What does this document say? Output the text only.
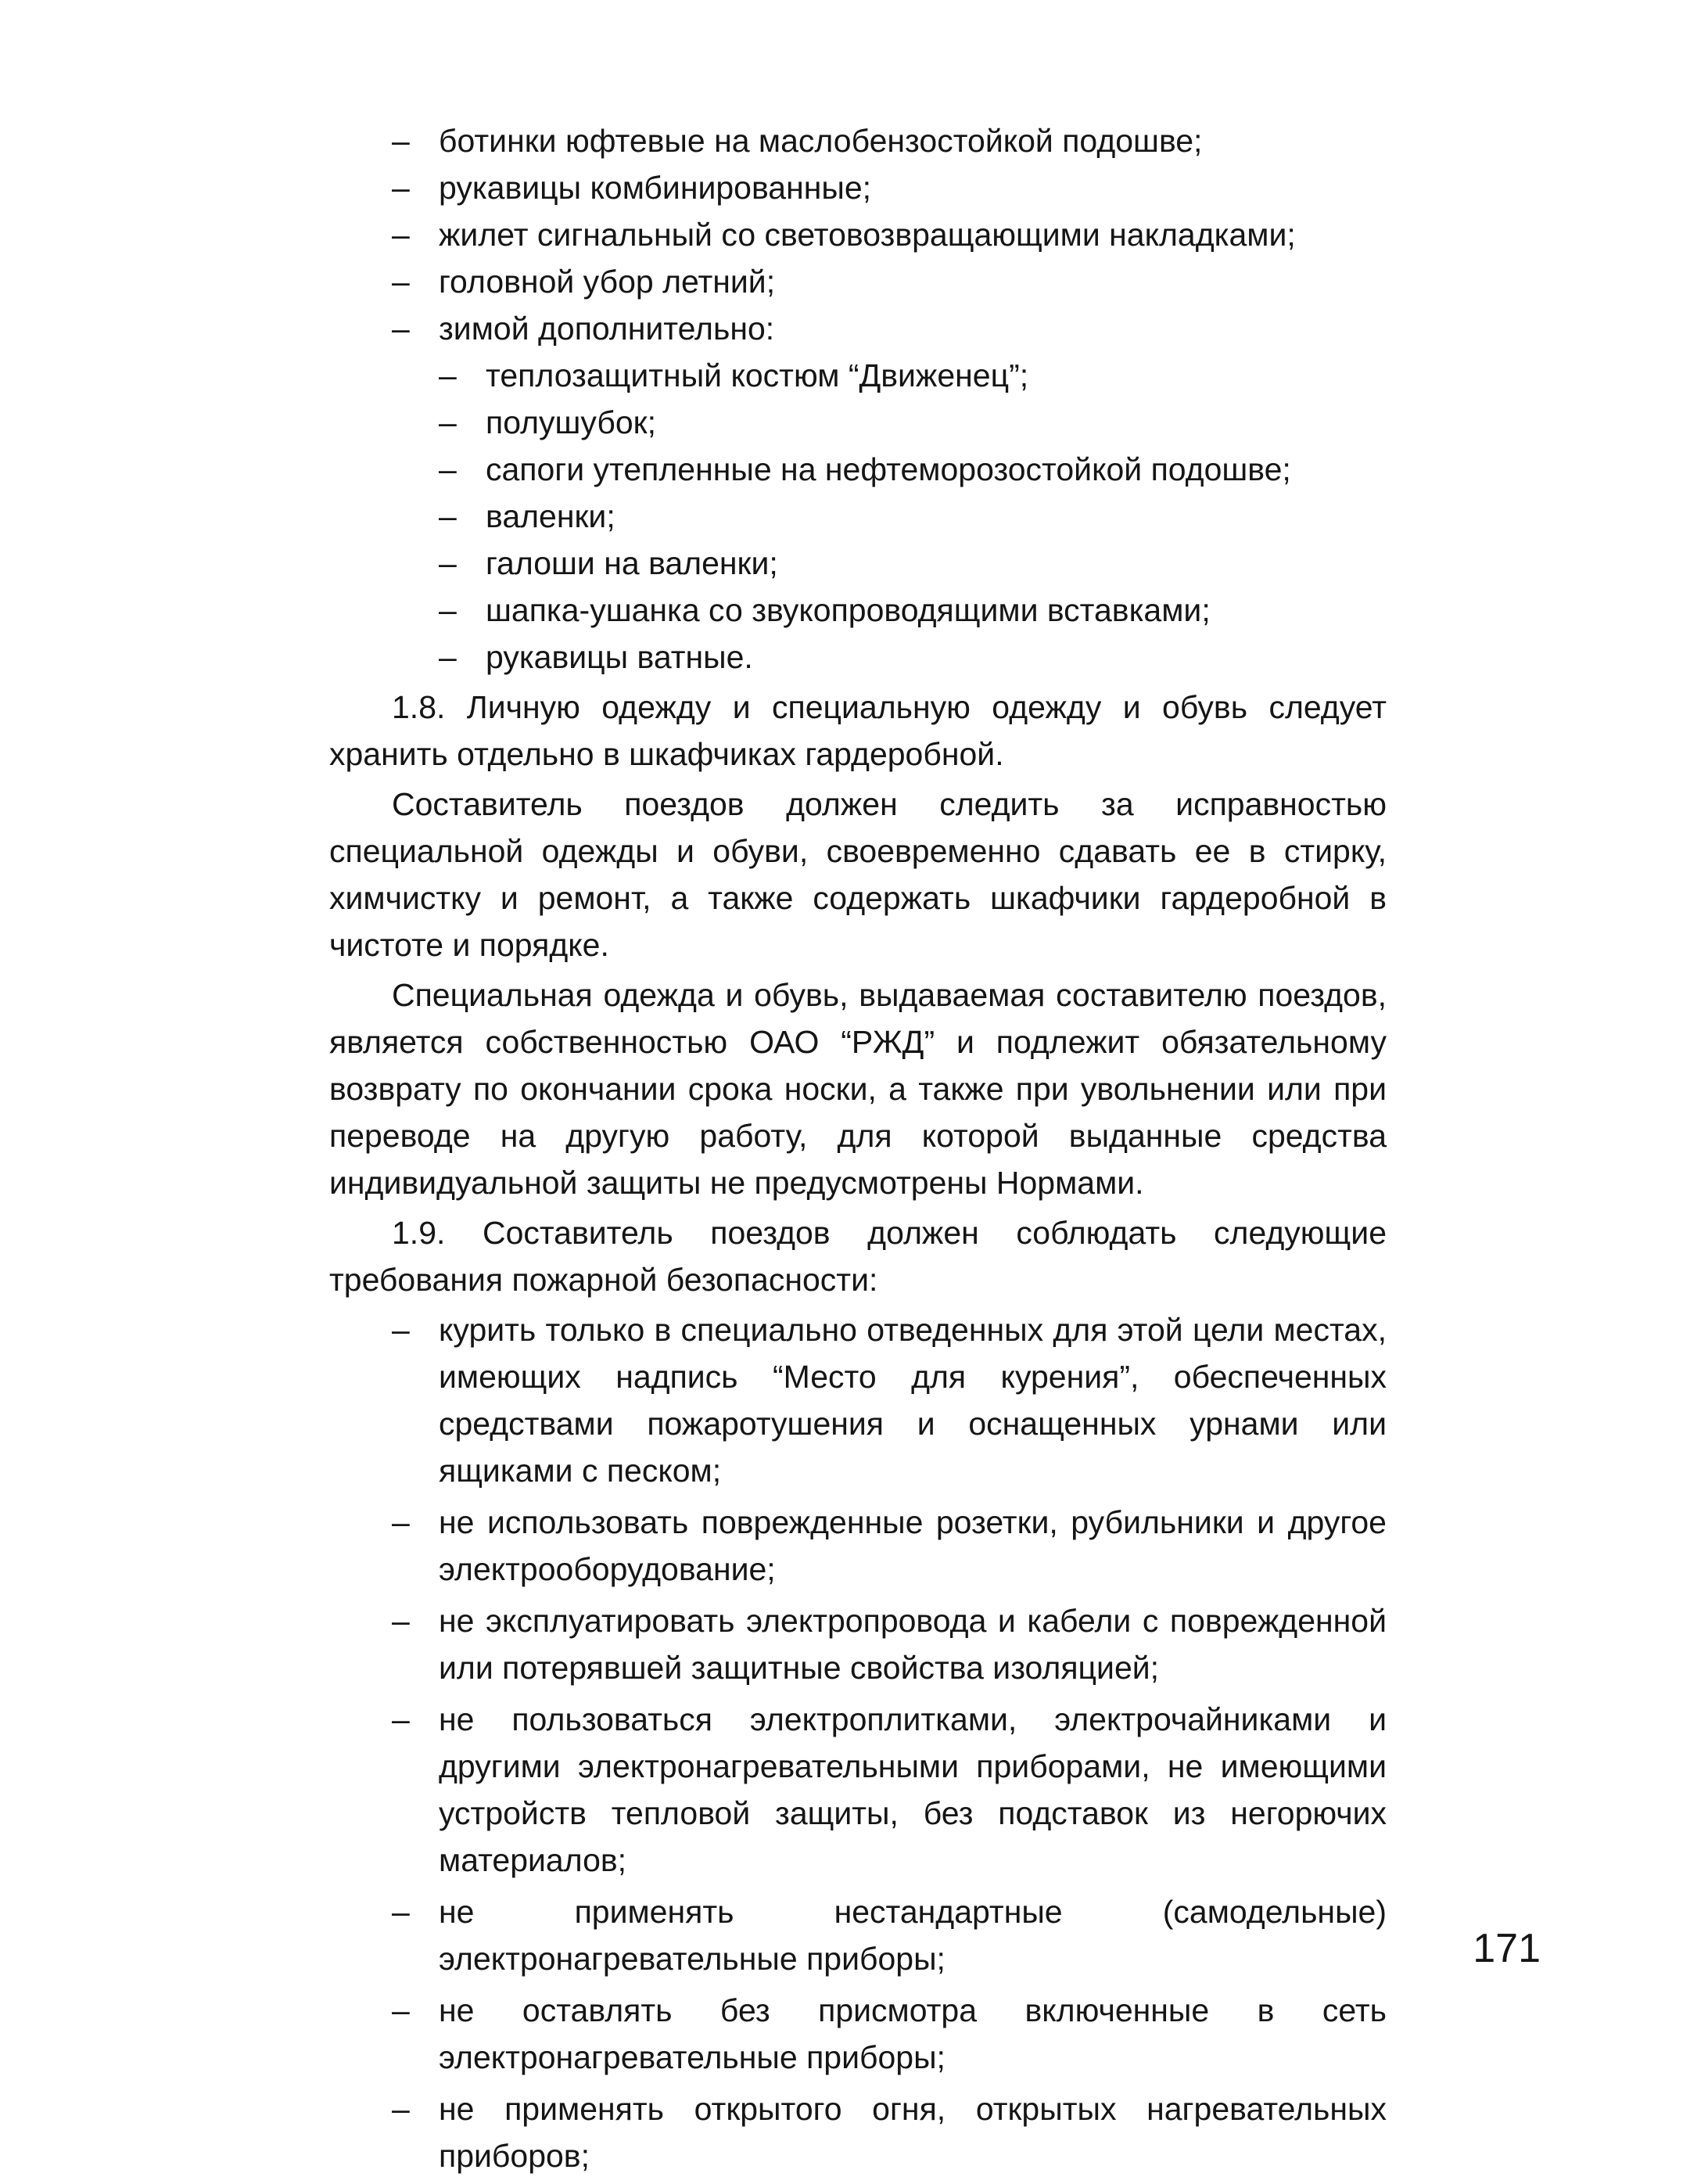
– ботинки юфтевые на маслобензостойкой подошве;
– рукавицы комбинированные;
– жилет сигнальный со световозвращающими накладками;
– головной убор летний;
– зимой дополнительно:
– теплозащитный костюм “Движенец”;
– полушубок;
– сапоги утепленные на нефтеморозостойкой подошве;
– валенки;
– галоши на валенки;
– шапка-ушанка со звукопроводящими вставками;
– рукавицы ватные.
1.8. Личную одежду и специальную одежду и обувь следует хранить отдельно в шкафчиках гардеробной.
Составитель поездов должен следить за исправностью специальной одежды и обуви, своевременно сдавать ее в стирку, химчистку и ремонт, а также содержать шкафчики гардеробной в чистоте и порядке.
Специальная одежда и обувь, выдаваемая составителю поездов, является собственностью ОАО “РЖД” и подлежит обязательному возврату по окончании срока носки, а также при увольнении или при переводе на другую работу, для которой выданные средства индивидуальной защиты не предусмотрены Нормами.
1.9. Составитель поездов должен соблюдать следующие требования пожарной безопасности:
– курить только в специально отведенных для этой цели местах, имеющих надпись “Место для курения”, обеспеченных средствами пожаротушения и оснащенных урнами или ящиками с песком;
– не использовать поврежденные розетки, рубильники и другое электрооборудование;
– не эксплуатировать электропровода и кабели с поврежденной или потерявшей защитные свойства изоляцией;
– не пользоваться электроплитками, электрочайниками и другими электронагревательными приборами, не имеющими устройств тепловой защиты, без подставок из негорючих материалов;
– не применять нестандартные (самодельные) электронагревательные приборы;
– не оставлять без присмотра включенные в сеть электронагревательные приборы;
– не применять открытого огня, открытых нагревательных приборов;
171
